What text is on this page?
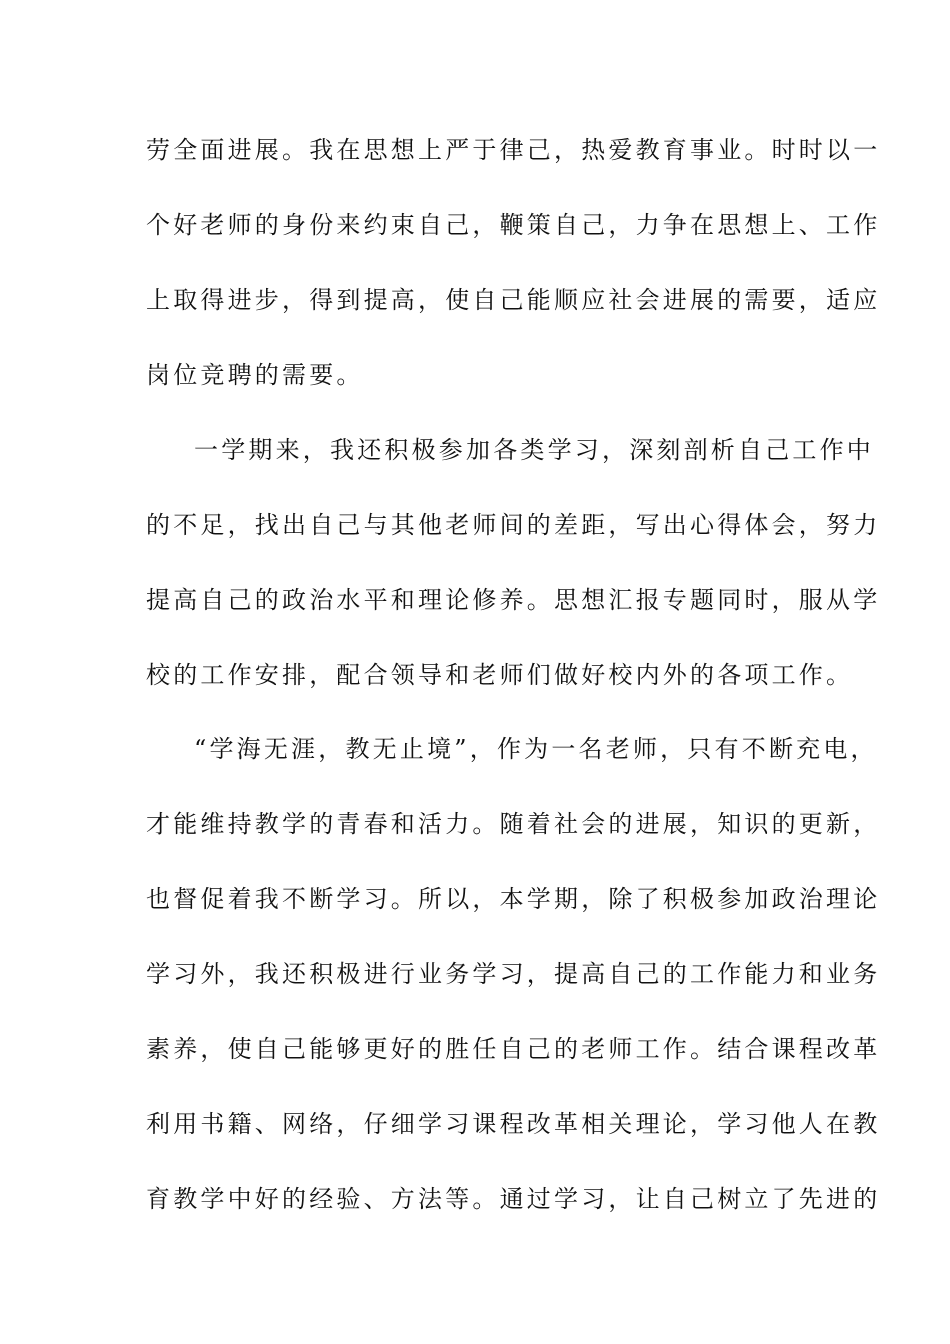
劳全面进展。我在思想上严于律己，热爱教育事业。时时以一
个好老师的身份来约束自己，鞭策自己，力争在思想上、工作
上取得进步，得到提高，使自己能顺应社会进展的需要，适应
岗位竞聘的需要。
一学期来，我还积极参加各类学习，深刻剖析自己工作中
的不足，找出自己与其他老师间的差距，写出心得体会，努力
提高自己的政治水平和理论修养。思想汇报专题同时，服从学
校的工作安排，配合领导和老师们做好校内外的各项工作。
“学海无涯，教无止境”，作为一名老师，只有不断充电，
才能维持教学的青春和活力。随着社会的进展，知识的更新，
也督促着我不断学习。所以，本学期，除了积极参加政治理论
学习外，我还积极进行业务学习，提高自己的工作能力和业务
素养，使自己能够更好的胜任自己的老师工作。结合课程改革
利用书籍、网络，仔细学习课程改革相关理论，学习他人在教
育教学中好的经验、方法等。通过学习，让自己树立了先进的
